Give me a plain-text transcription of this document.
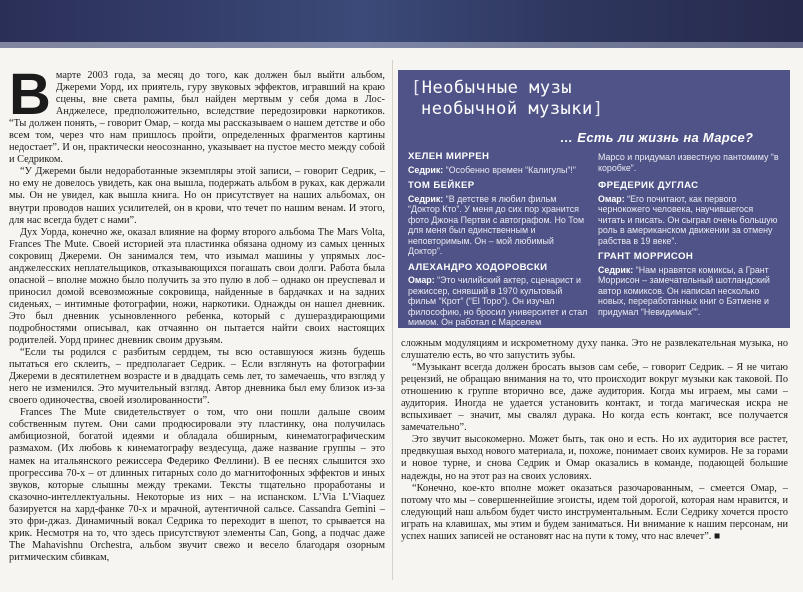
В марте 2003 года, за месяц до того, как должен был выйти альбом, Джереми Уорд, их приятель, гуру звуковых эффектов, игравший на краю сцены, вне света рампы, был найден мертвым у себя дома в Лос-Анджелесе, предположительно, вследствие передозировки наркотиков. “Ты должен понять, – говорит Омар, – когда мы рассказываем о нашем детстве и обо всем том, через что нам пришлось пройти, определенных фрагментов картины недостает”. И он, практически неосознанно, указывает на пустое место между собой и Седриком.

“У Джереми были недоработанные экземпляры этой записи, – говорит Седрик, – но ему не довелось увидеть, как она вышла, подержать альбом в руках, как держали мы. Он не увидел, как вышла книга. Но он присутствует на наших альбомах, он внутри проводов наших усилителей, он в крови, что течет по нашим венам. И этого, для нас всегда будет с нами”.

Дух Уорда, конечно же, оказал влияние на форму второго альбома The Mars Volta, Frances The Mute. Своей историей эта пластинка обязана одному из самых ценных сокровищ Джереми. Он занимался тем, что изымал машины у упрямых лос-анджелесских неплательщиков, отказывающихся погашать свои долги. Работа была опасной – вполне можно было получить за это пулю в лоб – однако он преуспевал и приносил домой всевозможные сокровища, найденные в бардачках и на задних сиденьях, – интимные фотографии, ножи, наркотики. Однажды он нашел дневник. Это был дневник усыновленного ребенка, который с душераздирающими подробностями описывал, как отчаянно он пытается найти своих настоящих родителей. Уорд принес дневник своим друзьям.

“Если ты родился с разбитым сердцем, ты всю оставшуюся жизнь будешь пытаться его склеить, – предполагает Седрик. – Если взглянуть на фотографии Джереми в десятилетнем возрасте и в двадцать семь лет, то замечаешь, что взгляд у него не изменился. Это мучительный взгляд. Автор дневника был ему близок из-за своего одиночества, своей изолированности”.

Frances The Mute свидетельствует о том, что они пошли дальше своим собственным путем. Они сами продюсировали эту пластинку, она получилась амбициозной, богатой идеями и обладала обширным, кинематографическим размахом. (Их любовь к кинематографу вездесуща, даже название группы – это намек на итальянского режиссера Федерико Феллини). В ее песнях слышится эхо прогрессива 70-х – от длинных гитарных соло до магнитофонных эффектов и иных звуков, которые слышны между треками. Тексты тщательно проработаны и сказочно-интеллектуальны. Некоторые из них – на испанском. L’Via L’Viaquez базируется на хард-фанке 70-х и мрачной, аутентичной сальсе. Cassandra Gemini – это фри-джаз. Динамичный вокал Седрика то переходит в шепот, то срывается на крик. Несмотря на то, что здесь присутствуют элементы Can, Gong, а подчас даже The Mahavishnu Orchestra, альбом звучит свежо и весело благодаря озорным ритмическим сбивкам,

[Необычные музы
необычной музыки]
… Есть ли жизнь на Марсе?
ХЕЛЕН МИРРЕН
Седрик: “Особенно времен “Калигулы”!”
ТОМ БЕЙКЕР
Седрик: “В детстве я любил фильм “Доктор Кто”. У меня до сих пор хранится фото Джона Пертви с автографом. Но Том для меня был единственным и неповторимым. Он – мой любимый Доктор”.
АЛЕХАНДРО ХОДОРОВСКИ
Омар: “Это чилийский актер, сценарист и режиссер, снявший в 1970 культовый фильм “Крот” (“El Topo”). Он изучал философию, но бросил университет и стал мимом. Он работал с Марселем
Марсо и придумал известную пантомиму “в коробке”.
ФРЕДЕРИК ДУГЛАС
Омар: “Его почитают, как первого чернокожего человека, научившегося читать и писать. Он сыграл очень большую роль в американском движении за отмену рабства в 19 веке”.
ГРАНТ МОРРИСОН
Седрик: “Нам нравятся комиксы, а Грант Моррисон – замечательный шотландский автор комиксов. Он написал несколько новых, переработанных книг о Бэтмене и придумал “Невидимых””.

сложным модуляциям и искрометному духу панка. Это не развлекательная музыка, но слушателю есть, во что запустить зубы.

“Музыкант всегда должен бросать вызов сам себе, – говорит Седрик. – Я не читаю рецензий, не обращаю внимания на то, что происходит вокруг музыки как таковой. По отношению к группе вторично все, даже аудитория. Когда мы играем, мы сами – аудитория. Иногда не удается установить контакт, и тогда магическая искра не вспыхивает – значит, мы свалял дурака. Но когда есть контакт, все получается замечательно”.

Это звучит высокомерно. Может быть, так оно и есть. Но их аудитория все растет, предвкушая выход нового материала, и, похоже, понимает своих кумиров. Не за горами и новое турне, и снова Седрик и Омар оказались в команде, подающей большие надежды, но на этот раз на своих условиях.

“Конечно, кое-кто вполне может оказаться разочарованным, – смеется Омар, – потому что мы – совершеннейшие эгоисты, идем той дорогой, которая нам нравится, и следующий наш альбом будет чисто инструментальным. Если Седрику хочется просто играть на клавишах, мы этим и будем заниматься. Ни внимание к нашим персонам, ни успех наших записей не остановят нас на пути к тому, что нас влечет”. ■
